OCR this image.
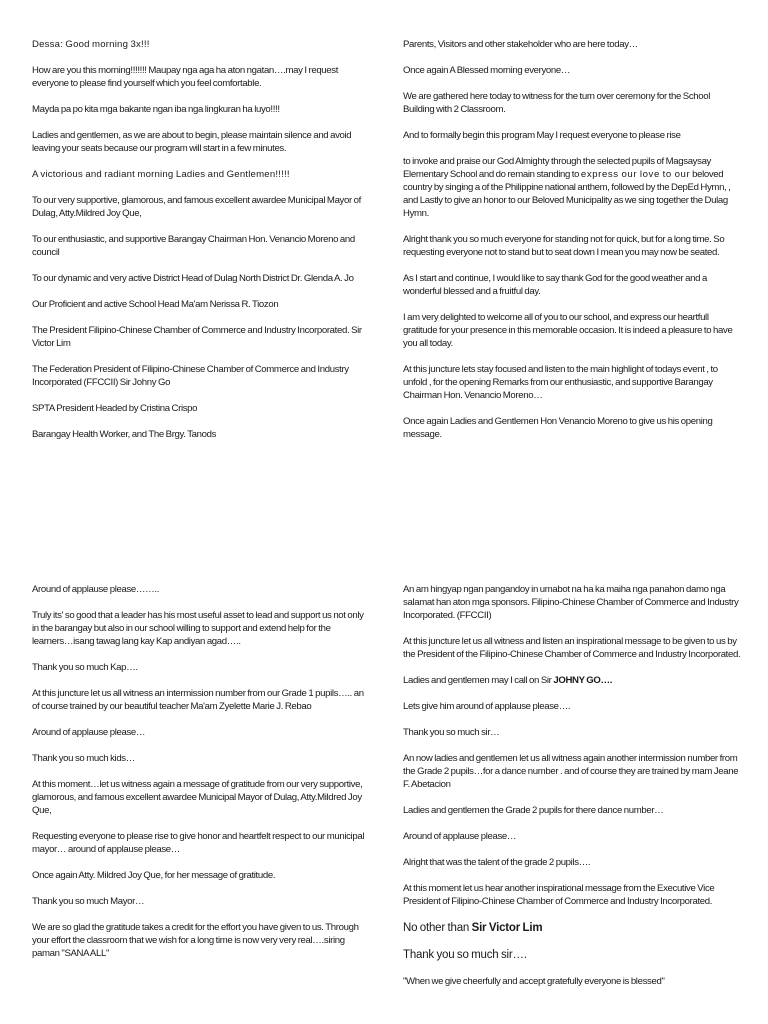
Dessa: Good morning 3x!!!

How are you this morning!!!!!!! Maupay nga aga ha aton ngatan….may I request everyone to please find yourself which you feel comfortable.

Mayda pa po kita mga bakante ngan iba nga lingkuran ha luyo!!!!

Ladies and gentlemen, as we are about to begin, please maintain silence and avoid leaving your seats because our program will start in a few minutes.

A victorious and radiant morning Ladies and Gentlemen!!!!!

To our very supportive, glamorous, and famous excellent awardee Municipal Mayor of Dulag, Atty.Mildred Joy Que,

To our enthusiastic, and supportive Barangay Chairman Hon. Venancio Moreno and council

To our dynamic and very active District Head of Dulag North District Dr. Glenda A. Jo

Our Proficient and active School Head Ma'am Nerissa R. Tiozon

The President Filipino-Chinese Chamber of Commerce and Industry Incorporated. Sir Victor Lim

The Federation President of Filipino-Chinese Chamber of Commerce and Industry Incorporated (FFCCII) Sir Johny Go

SPTA President Headed by Cristina Crispo

Barangay Health Worker, and The Brgy. Tanods

Parents, Visitors and other stakeholder who are here today…

Once again A Blessed morning everyone…

We are gathered here today to witness for the turn over ceremony for the School Building with 2 Classroom.

And to formally begin this program May I request everyone to please rise

to invoke and praise our God Almighty through the selected pupils of Magsaysay Elementary School and do remain standing to express our love to our beloved country by singing a of the Philippine national anthem, followed by the DepEd Hymn, , and Lastly to give an honor to our Beloved Municipality as we sing together the Dulag Hymn.

Alright thank you so much everyone for standing not for quick, but for a long time. So requesting everyone not to stand but to seat down I mean you may now be seated.

As I start and continue, I would like to say thank God for the good weather and a wonderful blessed and a fruitful day.

I am very delighted to welcome all of you to our school, and express our heartfull gratitude for your presence in this memorable occasion. It is indeed a pleasure to have you all today.

At this juncture lets stay focused and listen to the main highlight of todays event , to unfold , for the opening Remarks from our enthusiastic, and supportive Barangay Chairman Hon. Venancio Moreno…

Once again Ladies and Gentlemen Hon Venancio Moreno to give us his opening message.

Around of applause please……..

Truly its' so good that a leader has his most useful asset to lead and support us not only in the barangay but also in our school willing to support and extend help for the learners…isang tawag lang kay Kap andiyan agad…..

Thank you so much Kap….

At this juncture let us all witness an intermission number from our Grade 1 pupils….. an of course trained by our beautiful teacher Ma'am Zyelette Marie J. Rebao

Around of applause please…

Thank you so much kids…

At this moment…let us witness again a message of gratitude from our very supportive, glamorous, and famous excellent awardee Municipal Mayor of Dulag, Atty.Mildred Joy Que,

Requesting everyone to please rise to give honor and heartfelt respect to our municipal mayor… around of applause please…

Once again Atty. Mildred Joy Que, for her message of gratitude.

Thank you so much Mayor…

We are so glad the gratitude takes a credit for the effort you have given to us. Through your effort the classroom that we wish for a long time is now very very real….siring paman "SANA ALL"

An am hingyap ngan pangandoy in umabot na ha ka maiha nga panahon damo nga salamat han aton mga sponsors. Filipino-Chinese Chamber of Commerce and Industry Incorporated. (FFCCII)

At this juncture let us all witness and listen an inspirational message to be given to us by the President of the Filipino-Chinese Chamber of Commerce and Industry Incorporated.

Ladies and gentlemen may I call on Sir JOHNY GO….

Lets give him around of applause please….

Thank you so much sir…

An now ladies and gentlemen let us all witness again another intermission number from the Grade 2 pupils…for a dance number . and of course they are trained by mam Jeane F. Abetacion

Ladies and gentlemen the Grade 2 pupils for there dance number…

Around of applause please…

Alright that was the talent of the grade 2 pupils….

At this moment let us hear another inspirational message from the Executive Vice President of Filipino-Chinese Chamber of Commerce and Industry Incorporated.

No other than Sir Victor Lim

Thank you so much sir….

"When we give cheerfully and accept gratefully everyone is blessed"
